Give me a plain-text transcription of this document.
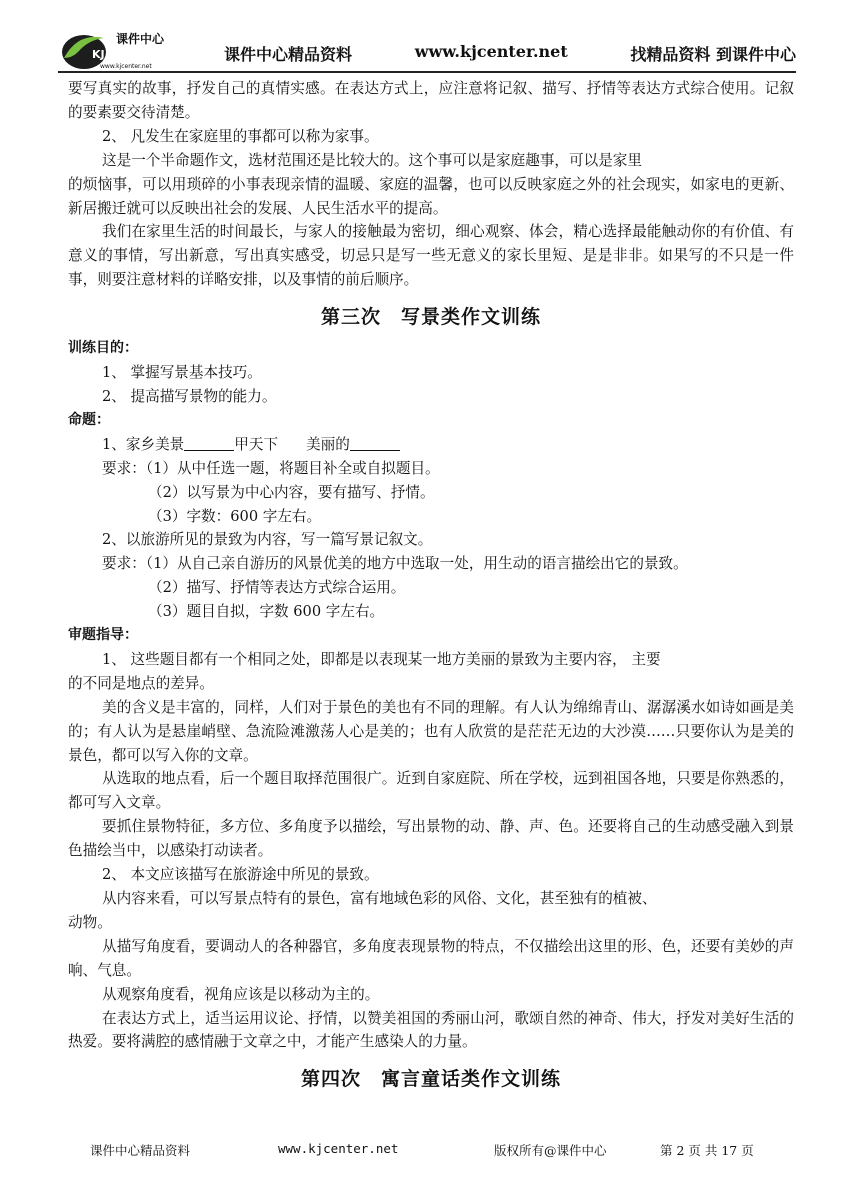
课件中心
KJ CENTER
www.kjcenter.net
课件中心精品资料	www.kjcenter.net	找精品资料 到课件中心

要写真实的故事，抒发自己的真情实感。在表达方式上，应注意将记叙、描写、抒情等表达方式综合使用。记叙的要素要交待清楚。

2、 凡发生在家庭里的事都可以称为家事。

这是一个半命题作文，选材范围还是比较大的。这个事可以是家庭趣事，可以是家里

的烦恼事，可以用琐碎的小事表现亲情的温暖、家庭的温馨，也可以反映家庭之外的社会现实，如家电的更新、新居搬迁就可以反映出社会的发展、人民生活水平的提高。

我们在家里生活的时间最长，与家人的接触最为密切，细心观察、体会，精心选择最能触动你的有价值、有意义的事情，写出新意，写出真实感受，切忌只是写一些无意义的家长里短、是是非非。如果写的不只是一件事，则要注意材料的详略安排，以及事情的前后顺序。

第三次　写景类作文训练

训练目的：

1、 掌握写景基本技巧。

2、 提高描写景物的能力。

命题：

1、家乡美景	甲天下 美丽的

要求：（1）从中任选一题，将题目补全或自拟题目。

（2）以写景为中心内容，要有描写、抒情。

（3）字数：600 字左右。

2、以旅游所见的景致为内容，写一篇写景记叙文。

要求：（1）从自己亲自游历的风景优美的地方中选取一处，用生动的语言描绘出它的景致。

（2）描写、抒情等表达方式综合运用。

（3）题目自拟，字数 600 字左右。

审题指导：

1、 这些题目都有一个相同之处，即都是以表现某一地方美丽的景致为主要内容， 主要

的不同是地点的差异。

美的含义是丰富的，同样，人们对于景色的美也有不同的理解。有人认为绵绵青山、潺潺溪水如诗如画是美的；有人认为是悬崖峭壁、急流险滩激荡人心是美的；也有人欣赏的是茫茫无边的大沙漠……只要你认为是美的景色，都可以写入你的文章。

从选取的地点看，后一个题目取择范围很广。近到自家庭院、所在学校，远到祖国各地，只要是你熟悉的，都可写入文章。

要抓住景物特征，多方位、多角度予以描绘，写出景物的动、静、声、色。还要将自己的生动感受融入到景色描绘当中，以感染打动读者。

2、 本文应该描写在旅游途中所见的景致。

从内容来看，可以写景点特有的景色，富有地域色彩的风俗、文化，甚至独有的植被、

动物。

从描写角度看，要调动人的各种器官，多角度表现景物的特点，不仅描绘出这里的形、色，还要有美妙的声响、气息。

从观察角度看，视角应该是以移动为主的。

在表达方式上，适当运用议论、抒情，以赞美祖国的秀丽山河，歌颂自然的神奇、伟大，抒发对美好生活的热爱。要将满腔的感情融于文章之中，才能产生感染人的力量。

第四次　寓言童话类作文训练
课件中心精品资料	www.kjcenter.net	版权所有@课件中心	第 2 页 共 17 页
